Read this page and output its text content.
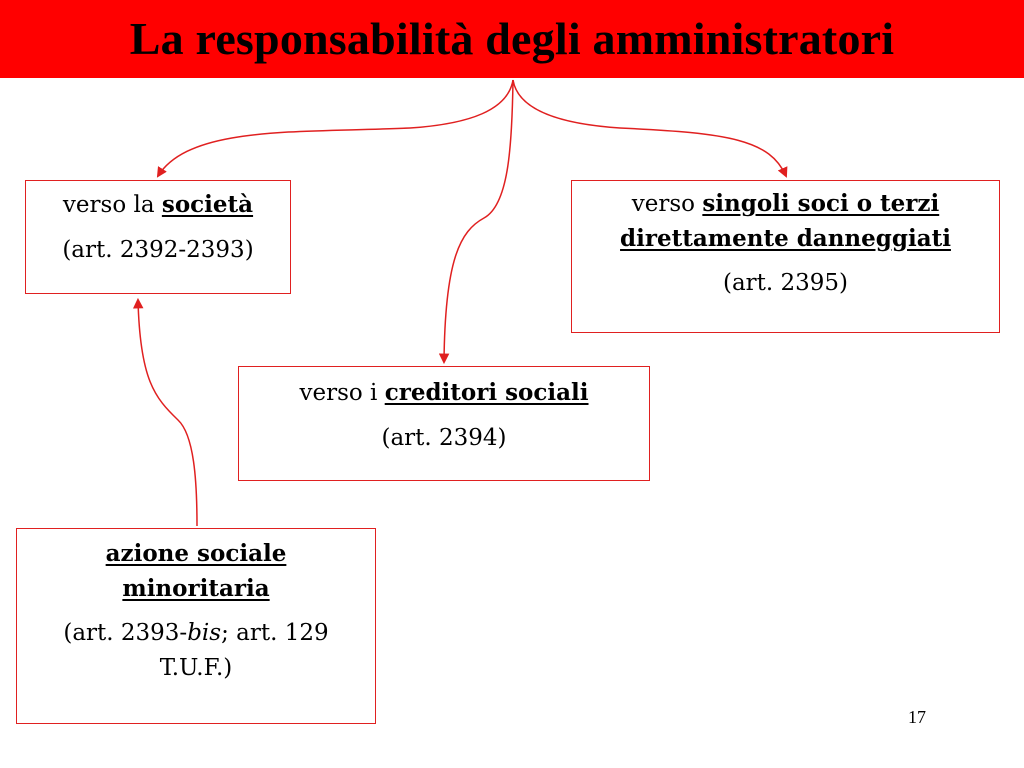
La responsabilità degli amministratori

verso la società

(art. 2392-2393)

verso singoli soci o terzi
direttamente danneggiati

(art. 2395)

verso i creditori sociali

(art. 2394)

azione sociale
minoritaria

(art. 2393-bis; art. 129
T.U.F.)

17
